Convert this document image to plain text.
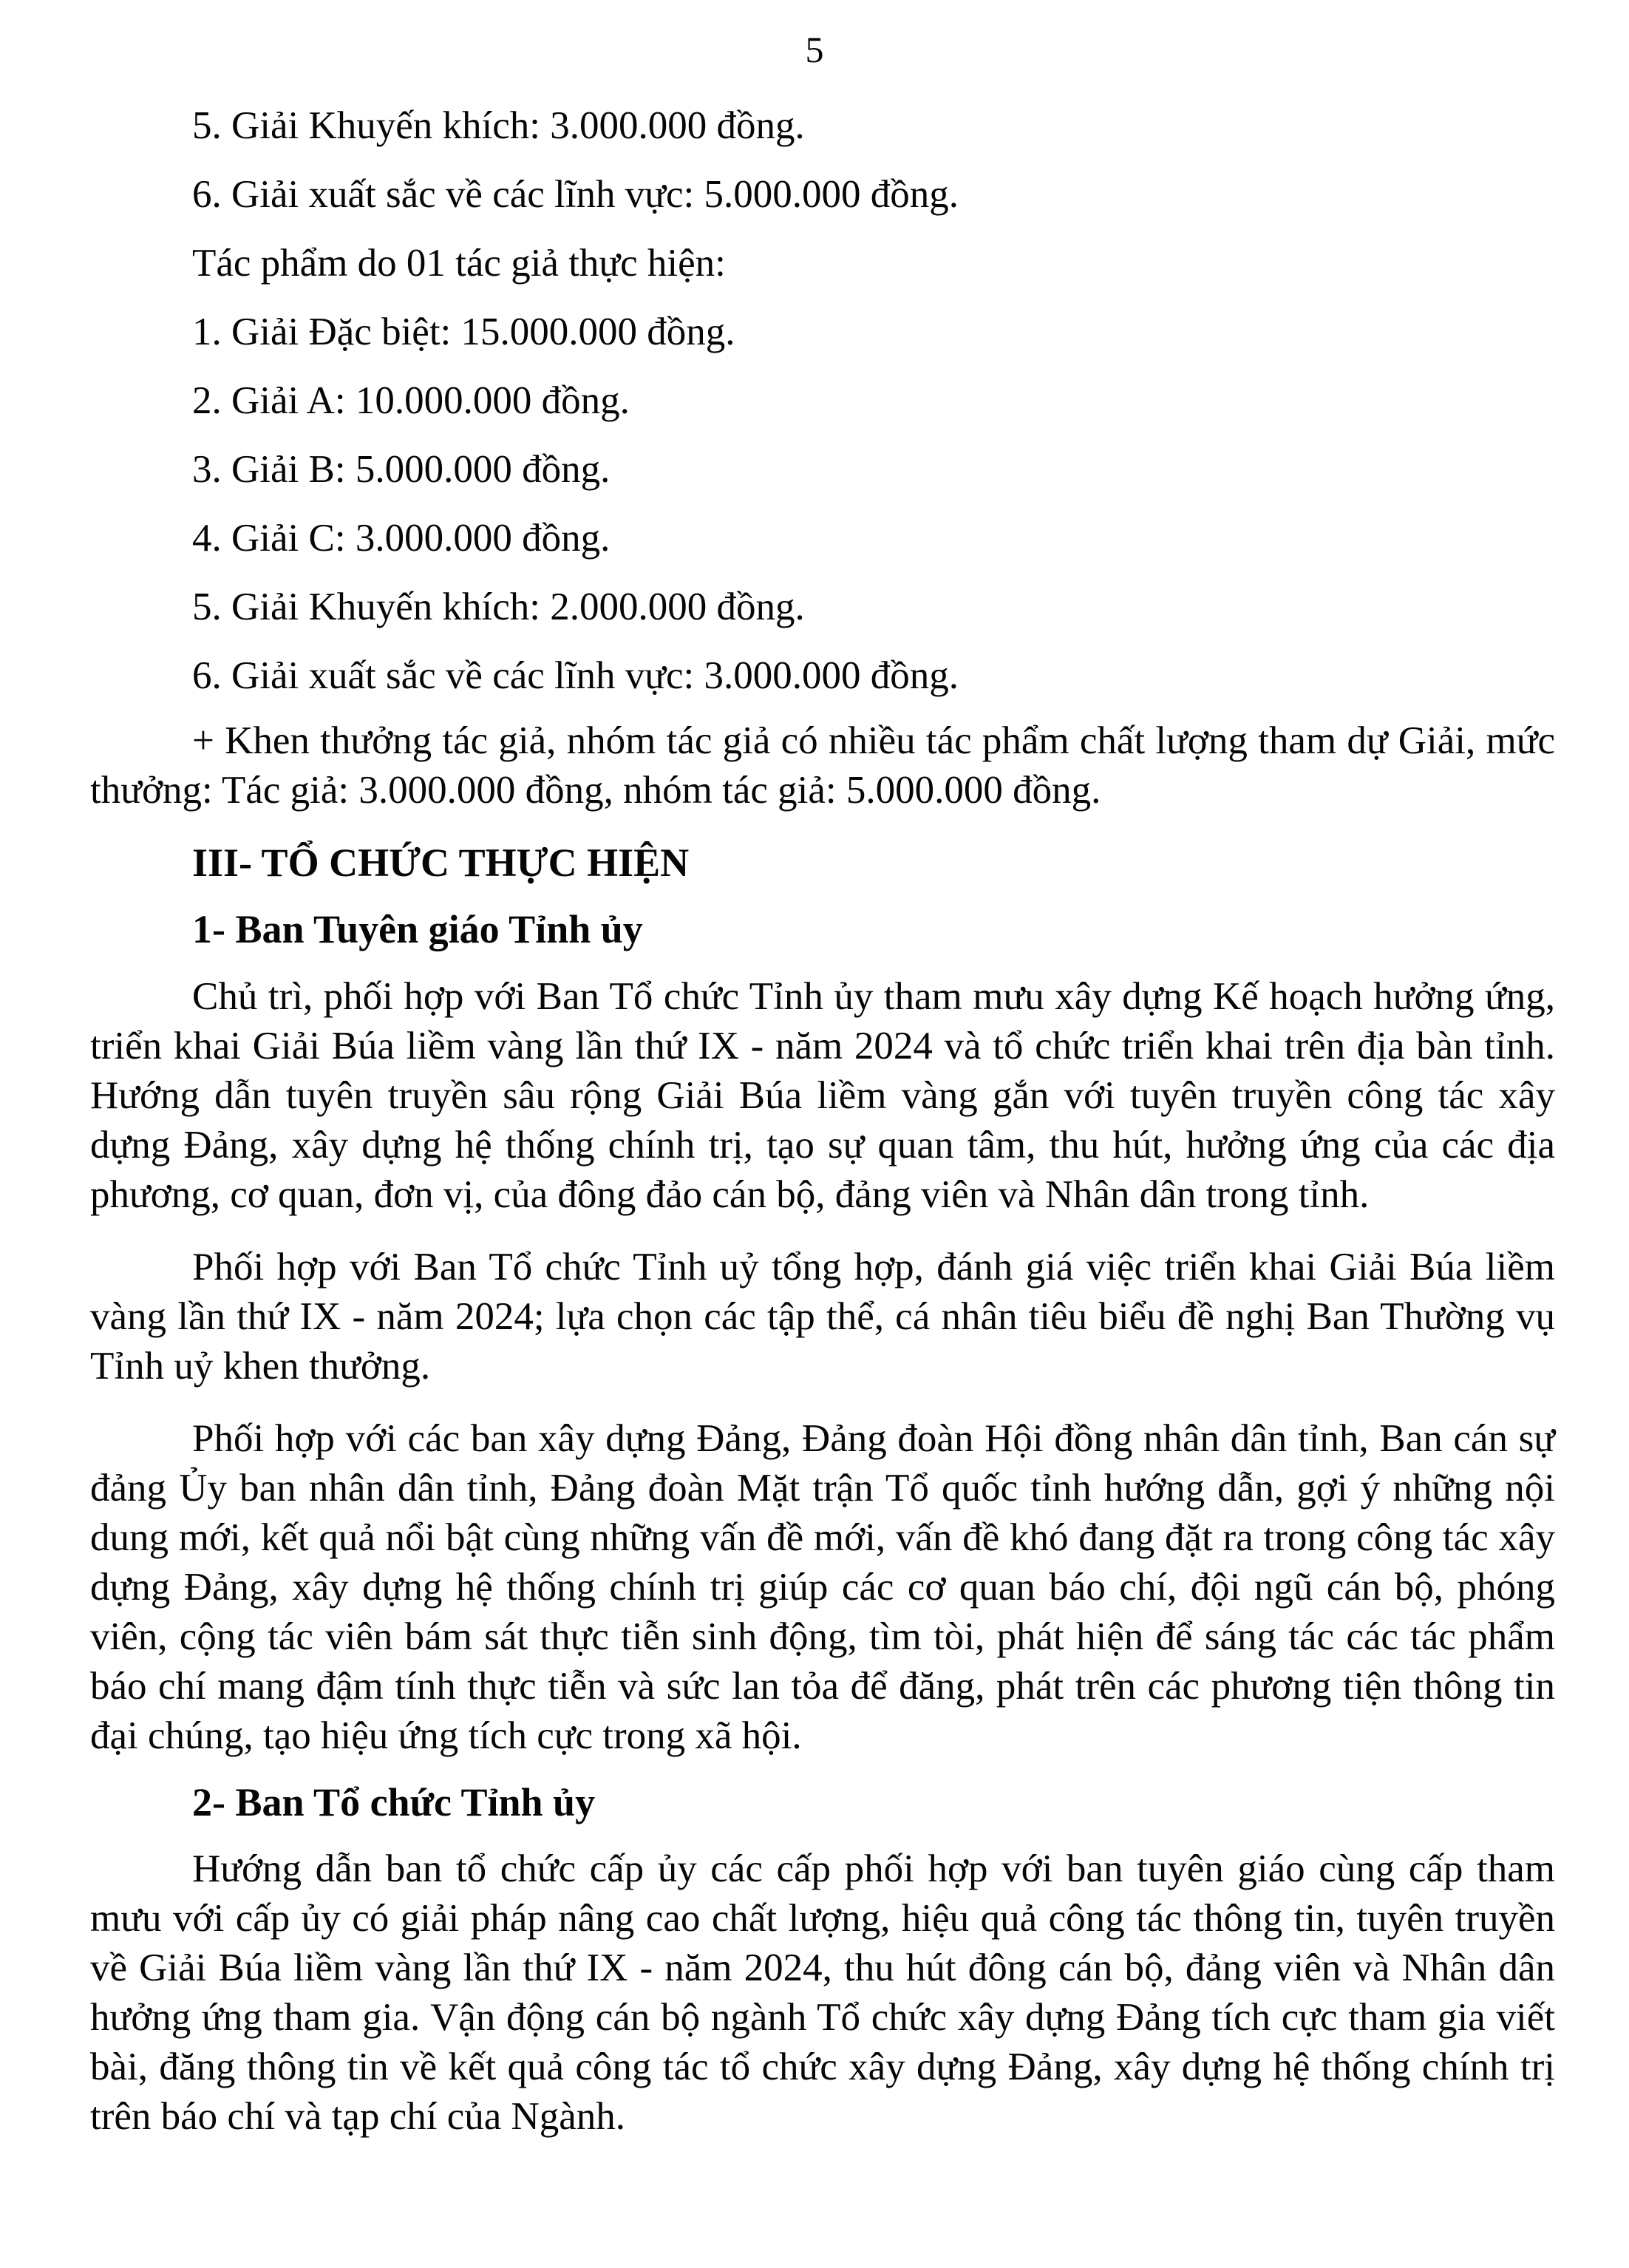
5
5. Giải Khuyến khích: 3.000.000 đồng.
6. Giải xuất sắc về các lĩnh vực: 5.000.000 đồng.
Tác phẩm do 01 tác giả thực hiện:
1. Giải Đặc biệt: 15.000.000 đồng.
2. Giải A: 10.000.000 đồng.
3. Giải B: 5.000.000 đồng.
4. Giải C: 3.000.000 đồng.
5. Giải Khuyến khích: 2.000.000 đồng.
6. Giải xuất sắc về các lĩnh vực: 3.000.000 đồng.

+ Khen thưởng tác giả, nhóm tác giả có nhiều tác phẩm chất lượng tham dự Giải, mức thưởng: Tác giả: 3.000.000 đồng, nhóm tác giả: 5.000.000 đồng.

III- TỔ CHỨC THỰC HIỆN
1- Ban Tuyên giáo Tỉnh ủy

Chủ trì, phối hợp với Ban Tổ chức Tỉnh ủy tham mưu xây dựng Kế hoạch hưởng ứng, triển khai Giải Búa liềm vàng lần thứ IX - năm 2024 và tổ chức triển khai trên địa bàn tỉnh. Hướng dẫn tuyên truyền sâu rộng Giải Búa liềm vàng gắn với tuyên truyền công tác xây dựng Đảng, xây dựng hệ thống chính trị, tạo sự quan tâm, thu hút, hưởng ứng của các địa phương, cơ quan, đơn vị, của đông đảo cán bộ, đảng viên và Nhân dân trong tỉnh.

Phối hợp với Ban Tổ chức Tỉnh uỷ tổng hợp, đánh giá việc triển khai Giải Búa liềm vàng lần thứ IX - năm 2024; lựa chọn các tập thể, cá nhân tiêu biểu đề nghị Ban Thường vụ Tỉnh uỷ khen thưởng.

Phối hợp với các ban xây dựng Đảng, Đảng đoàn Hội đồng nhân dân tỉnh, Ban cán sự đảng Ủy ban nhân dân tỉnh, Đảng đoàn Mặt trận Tổ quốc tỉnh hướng dẫn, gợi ý những nội dung mới, kết quả nổi bật cùng những vấn đề mới, vấn đề khó đang đặt ra trong công tác xây dựng Đảng, xây dựng hệ thống chính trị giúp các cơ quan báo chí, đội ngũ cán bộ, phóng viên, cộng tác viên bám sát thực tiễn sinh động, tìm tòi, phát hiện để sáng tác các tác phẩm báo chí mang đậm tính thực tiễn và sức lan tỏa để đăng, phát trên các phương tiện thông tin đại chúng, tạo hiệu ứng tích cực trong xã hội.

2- Ban Tổ chức Tỉnh ủy

Hướng dẫn ban tổ chức cấp ủy các cấp phối hợp với ban tuyên giáo cùng cấp tham mưu với cấp ủy có giải pháp nâng cao chất lượng, hiệu quả công tác thông tin, tuyên truyền về Giải Búa liềm vàng lần thứ IX - năm 2024, thu hút đông cán bộ, đảng viên và Nhân dân hưởng ứng tham gia. Vận động cán bộ ngành Tổ chức xây dựng Đảng tích cực tham gia viết bài, đăng thông tin về kết quả công tác tổ chức xây dựng Đảng, xây dựng hệ thống chính trị trên báo chí và tạp chí của Ngành.
